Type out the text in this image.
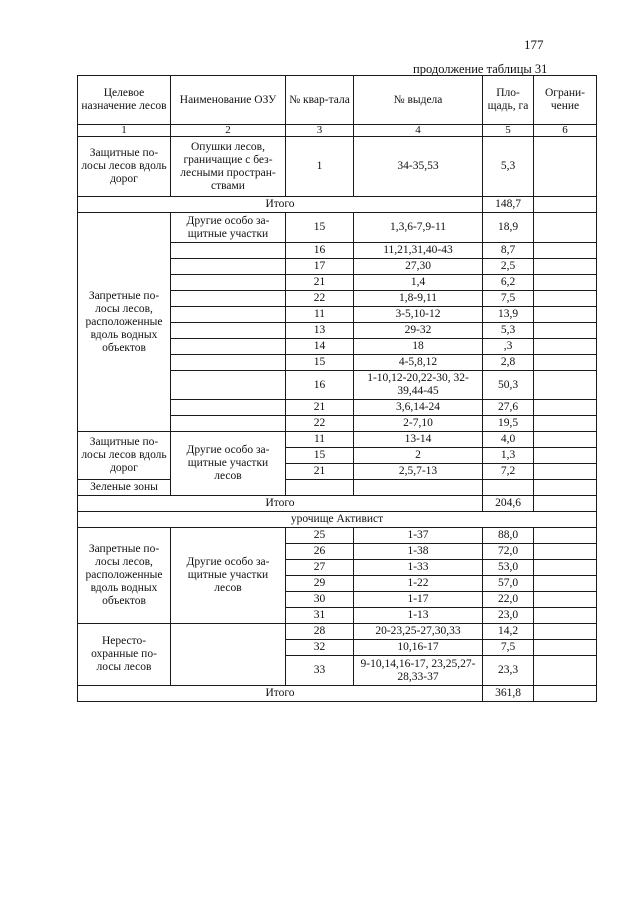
177
продолжение таблицы 31
Целевое назначение лесов	Наименование ОЗУ	№ квар-тала	№ выдела	Пло-щадь, га	Ограни-чение
1	2	3	4	5	6
Защитные по-лосы лесов вдоль дорог	Опушки лесов, граничащие с без-лесными простран-ствами	1	34-35,53	5,3	
Итого				148,7	
Запретные по-лосы лесов, расположенные вдоль водных объектов	Другие особо за-щитные участки	15	1,3,6-7,9-11	18,9	
		16	11,21,31,40-43	8,7	
		17	27,30	2,5	
		21	1,4	6,2	
		22	1,8-9,11	7,5	
		11	3-5,10-12	13,9	
		13	29-32	5,3	
		14	18	,3	
		15	4-5,8,12	2,8	
		16	1-10,12-20,22-30, 32-39,44-45	50,3	
		21	3,6,14-24	27,6	
		22	2-7,10	19,5	
Защитные по-лосы лесов вдоль дорог	Другие особо за-щитные участки лесов	11	13-14	4,0	
		15	2	1,3	
		21	2,5,7-13	7,2	
Зеленые зоны					
Итого				204,6	
урочище Активист					
Запретные по-лосы лесов, расположенные вдоль водных объектов	Другие особо за-щитные участки лесов	25	1-37	88,0	
		26	1-38	72,0	
		27	1-33	53,0	
		29	1-22	57,0	
		30	1-17	22,0	
		31	1-13	23,0	
Нересто-охранные по-лосы лесов		28	20-23,25-27,30,33	14,2	
		32	10,16-17	7,5	
		33	9-10,14,16-17, 23,25,27-28,33-37	23,3	
Итого				361,8	
